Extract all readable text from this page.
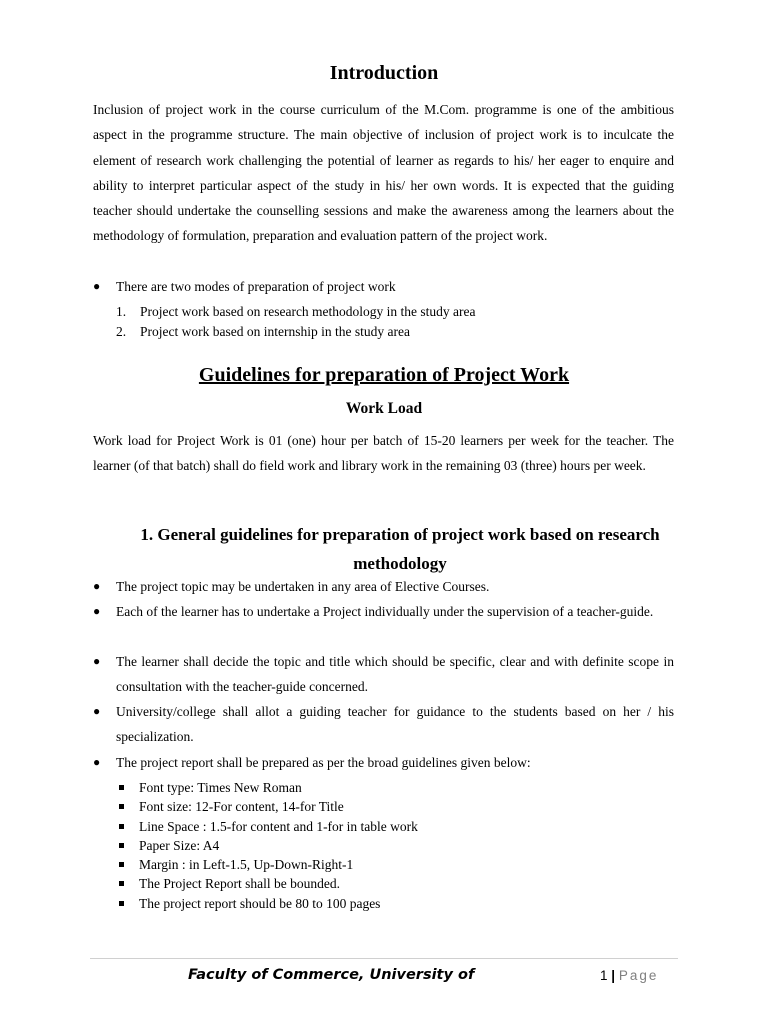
Introduction

Inclusion of project work in the course curriculum of the M.Com. programme is one of the ambitious aspect in the programme structure. The main objective of inclusion of project work is to inculcate the element of research work challenging the potential of learner as regards to his/ her eager to enquire and ability to interpret particular aspect of the study in his/ her own words. It is expected that the guiding teacher should undertake the counselling sessions and make the awareness among the learners about the methodology of formulation, preparation and evaluation pattern of the project work.

●	There are two modes of preparation of project work
1. Project work based on research methodology in the study area
2. Project work based on internship in the study area
Guidelines for preparation of Project Work
Work Load

Work load for Project Work is 01 (one) hour per batch of 15-20 learners per week for the teacher. The learner (of that batch) shall do field work and library work in the remaining 03 (three) hours per week.

1. General guidelines for preparation of project work based on research methodology
●	The project topic may be undertaken in any area of Elective Courses.
●	Each of the learner has to undertake a Project individually under the supervision of a teacher-guide.
●	The learner shall decide the topic and title which should be specific, clear and with definite scope in consultation with the teacher-guide concerned.
●	University/college shall allot a guiding teacher for guidance to the students based on her / his specialization.
●	The project report shall be prepared as per the broad guidelines given below:
Font type: Times New Roman
Font size: 12-For content, 14-for Title
Line Space : 1.5-for content and 1-for in table work
Paper Size: A4
Margin : in Left-1.5, Up-Down-Right-1
The Project Report shall be bounded.
The project report should be 80 to 100 pages
Faculty of Commerce, University of	1 | Page
